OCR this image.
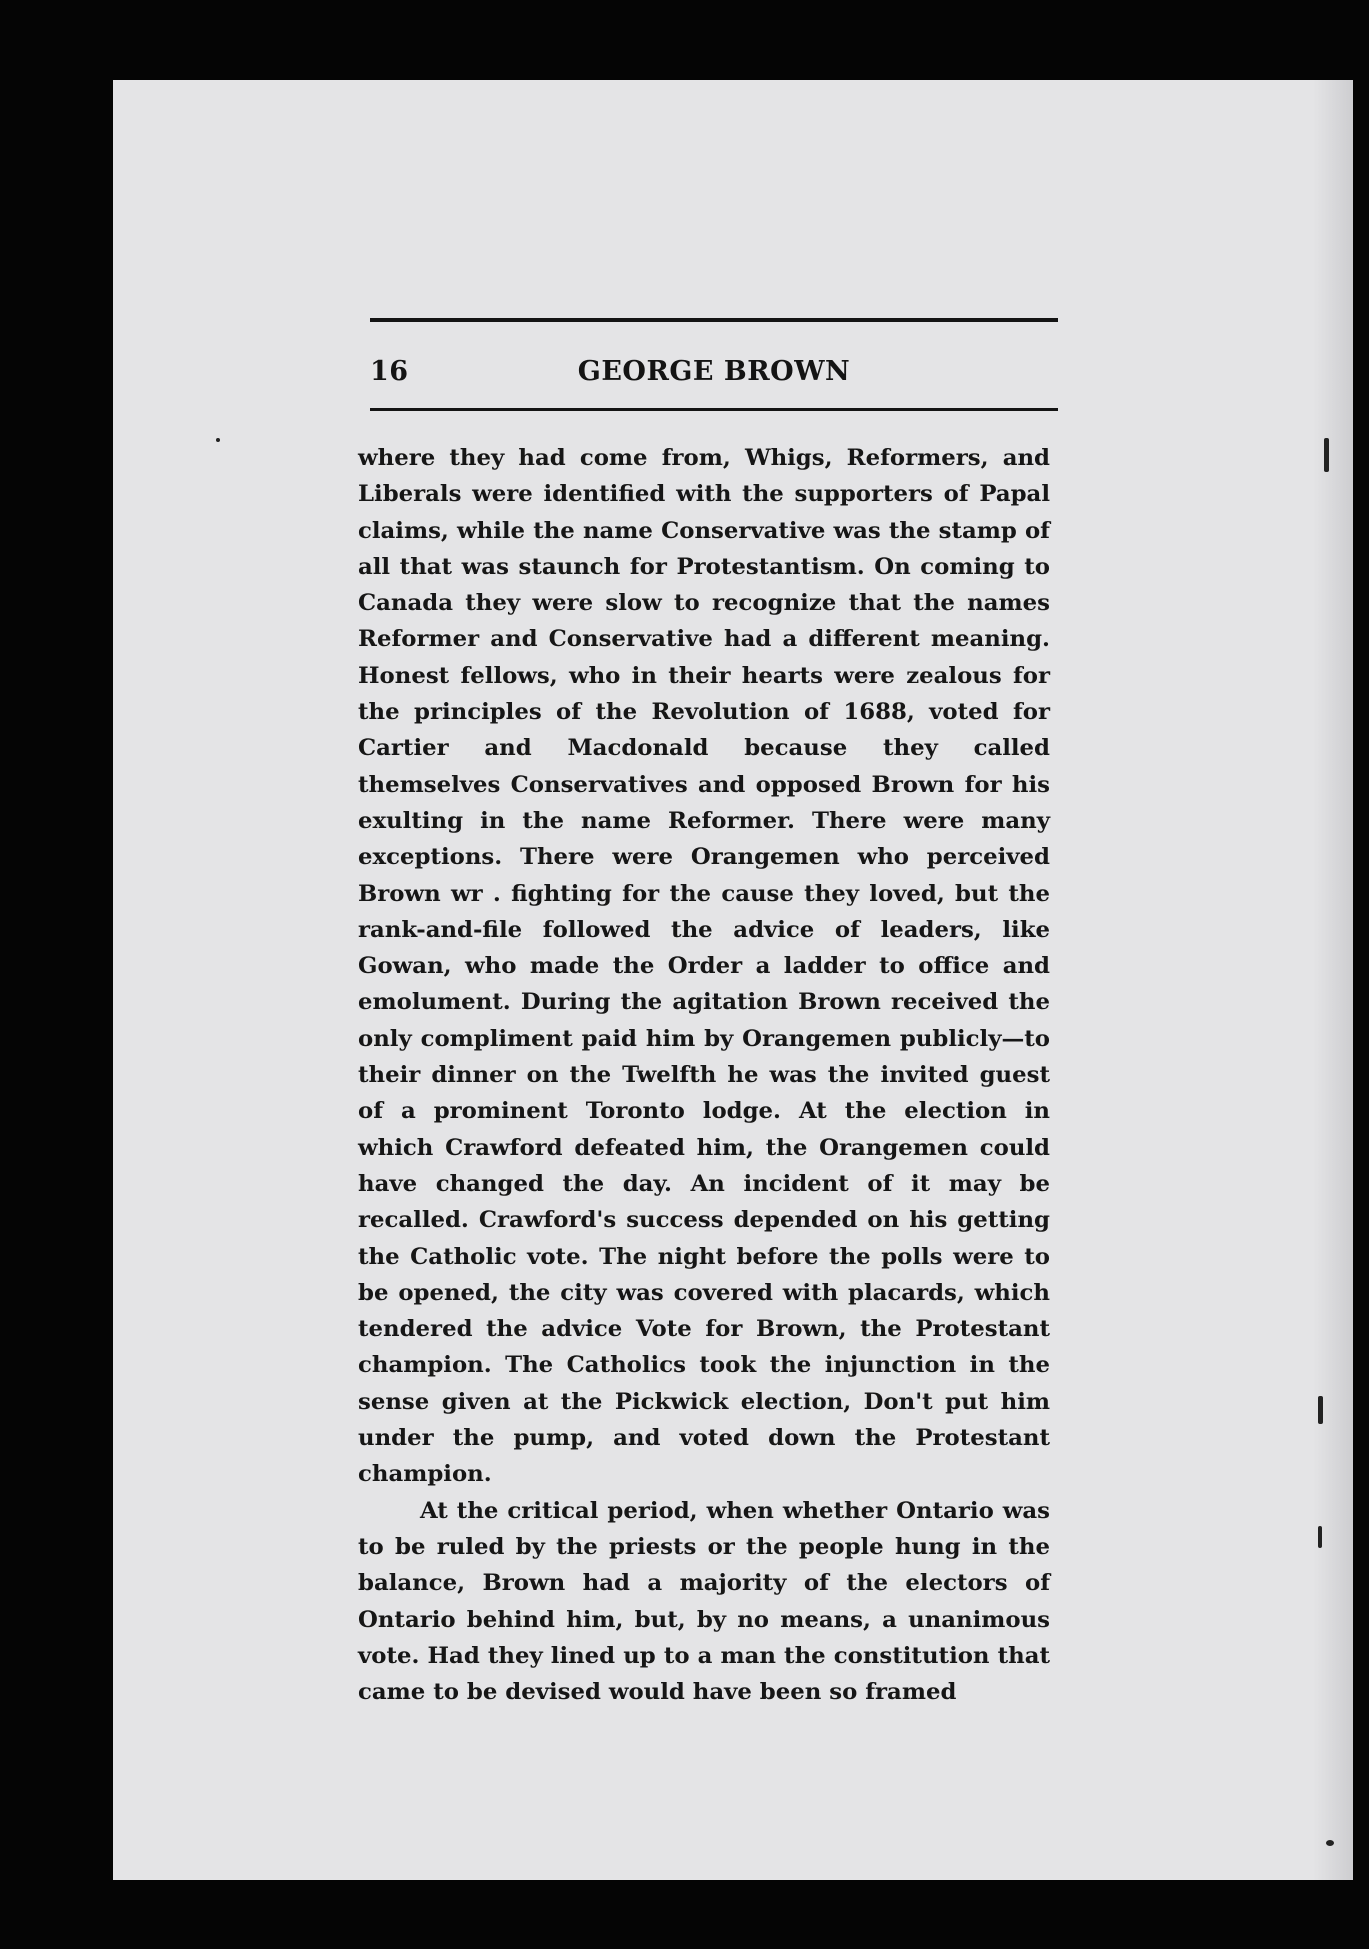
16	GEORGE BROWN

where they had come from, Whigs, Reformers, and Liberals were identified with the supporters of Papal claims, while the name Conservative was the stamp of all that was staunch for Protestantism. On coming to Canada they were slow to recognize that the names Reformer and Conservative had a different meaning. Honest fellows, who in their hearts were zealous for the principles of the Revolution of 1688, voted for Cartier and Macdonald because they called themselves Conservatives and opposed Brown for his exulting in the name Reformer. There were many exceptions. There were Orangemen who perceived Brown wr . fighting for the cause they loved, but the rank-and-file followed the advice of leaders, like Gowan, who made the Order a ladder to office and emolument. During the agitation Brown received the only compliment paid him by Orangemen publicly—to their dinner on the Twelfth he was the invited guest of a prominent Toronto lodge. At the election in which Crawford defeated him, the Orangemen could have changed the day. An incident of it may be recalled. Crawford's success depended on his getting the Catholic vote. The night before the polls were to be opened, the city was covered with placards, which tendered the advice Vote for Brown, the Protestant champion. The Catholics took the injunction in the sense given at the Pickwick election, Don't put him under the pump, and voted down the Protestant champion.

At the critical period, when whether Ontario was to be ruled by the priests or the people hung in the balance, Brown had a majority of the electors of Ontario behind him, but, by no means, a unanimous vote. Had they lined up to a man the constitution that came to be devised would have been so framed
